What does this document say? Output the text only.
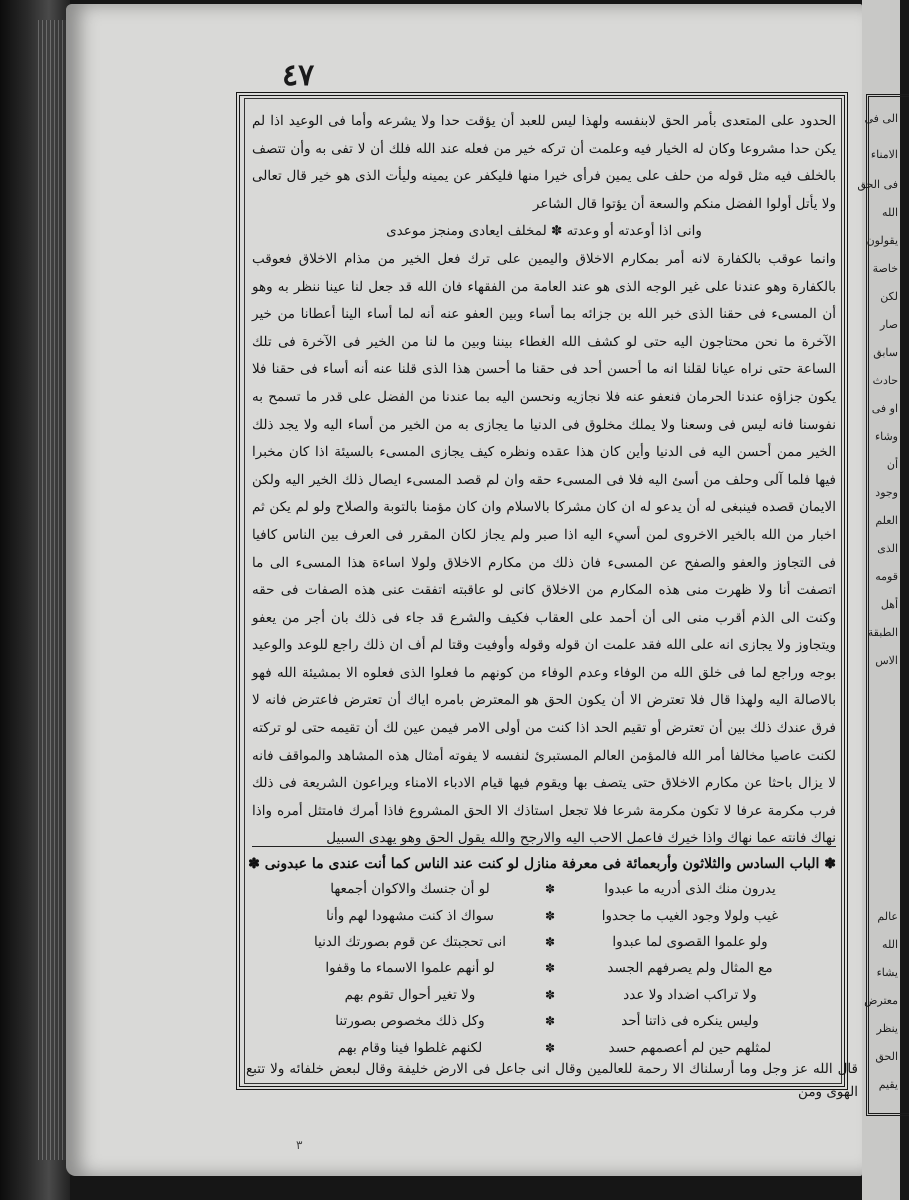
الى فى
الامناء
فى الحق
الله
يقولون
خاصة
لكن
صار
سابق
حادث
او فى
وشاء
أن
وجود
العلم
الذى
قومه
أهل
الطبقة
الاس
عالم
الله
يشاء
معترض
ينظر
الحق
يقيم
٤٧

الحدود على المتعدى بأمر الحق لابنفسه ولهذا ليس للعبد أن يؤقت حدا ولا يشرعه وأما فى الوعيد اذا لم يكن حدا مشروعا وكان له الخيار فيه وعلمت أن تركه خير من فعله عند الله فلك أن لا تفى به وأن تتصف بالخلف فيه مثل قوله من حلف على يمين فرأى خيرا منها فليكفر عن يمينه وليأت الذى هو خير قال تعالى ولا يأتل أولوا الفضل منكم والسعة أن يؤتوا قال الشاعر

وانى اذا أوعدته أو وعدته ✽ لمخلف ايعادى ومنجز موعدى

وانما عوقب بالكفارة لانه أمر بمكارم الاخلاق واليمين على ترك فعل الخير من مذام الاخلاق فعوقب بالكفارة وهو عندنا على غير الوجه الذى هو عند العامة من الفقهاء فان الله قد جعل لنا عينا ننظر به وهو أن المسىء فى حقنا الذى خبر الله بن جزائه بما أساء وبين العفو عنه أنه لما أساء الينا أعطانا من خير الآخرة ما نحن محتاجون اليه حتى لو كشف الله الغطاء بيننا وبين ما لنا من الخير فى الآخرة فى تلك الساعة حتى نراه عيانا لقلنا انه ما أحسن أحد فى حقنا ما أحسن هذا الذى قلنا عنه أنه أساء فى حقنا فلا يكون جزاؤه عندنا الحرمان فنعفو عنه فلا نجازيه ونحسن اليه بما عندنا من الفضل على قدر ما تسمح به نفوسنا فانه ليس فى وسعنا ولا يملك مخلوق فى الدنيا ما يجازى به من الخير من أساء اليه ولا يجد ذلك الخير ممن أحسن اليه فى الدنيا وأين كان هذا عقده ونظره كيف يجازى المسىء بالسيئة اذا كان مخبرا فيها فلما آلى وحلف من أسئ اليه فلا فى المسىء حقه وان لم قصد المسىء ايصال ذلك الخير اليه ولكن الايمان قصده فينبغى له أن يدعو له ان كان مشركا بالاسلام وان كان مؤمنا بالتوبة والصلاح ولو لم يكن ثم اخبار من الله بالخير الاخروى لمن أسيء اليه اذا صبر ولم يجاز لكان المقرر فى العرف بين الناس كافيا فى التجاوز والعفو والصفح عن المسىء فان ذلك من مكارم الاخلاق ولولا اساءة هذا المسىء الى ما اتصفت أنا ولا ظهرت منى هذه المكارم من الاخلاق كانى لو عاقبته اتفقت عنى هذه الصفات فى حقه وكنت الى الذم أقرب منى الى أن أحمد على العقاب فكيف والشرع قد جاء فى ذلك بان أجر من يعفو ويتجاوز ولا يجازى انه على الله فقد علمت ان قوله وقوله وأوفيت وقتا لم أف ان ذلك راجع للوعد والوعيد بوجه وراجع لما فى خلق الله من الوفاء وعدم الوفاء من كونهم ما فعلوا الذى فعلوه الا بمشيئة الله فهو بالاصالة اليه ولهذا قال فلا تعترض الا أن يكون الحق هو المعترض بامره اياك أن تعترض فاعترض فانه لا فرق عندك ذلك بين أن تعترض أو تقيم الحد اذا كنت من أولى الامر فيمن عين لك أن تقيمه حتى لو تركته لكنت عاصيا مخالفا أمر الله فالمؤمن العالم المستبرئ لنفسه لا يفوته أمثال هذه المشاهد والمواقف فانه لا يزال باحثا عن مكارم الاخلاق حتى يتصف بها ويقوم فيها قيام الادباء الامناء ويراعون الشريعة فى ذلك فرب مكرمة عرفا لا تكون مكرمة شرعا فلا تجعل استاذك الا الحق المشروع فاذا أمرك فامتثل أمره واذا نهاك فانته عما نهاك واذا خيرك فاعمل الاحب اليه والارجح والله يقول الحق وهو يهدى السبيل

✽ الباب السادس والثلاثون وأربعمائة فى معرفة منازل لو كنت عند الناس كما أنت عندى ما عبدونى ✽
لو أن جنسك والاكوان أجمعها	✽	يدرون منك الذى أدريه ما عبدوا
سواك اذ كنت مشهودا لهم وأنا	✽	غيب ولولا وجود الغيب ما جحدوا
انى تحجبتك عن قوم بصورتك الدنيا	✽	ولو علموا القصوى لما عبدوا
لو أنهم علموا الاسماء ما وقفوا	✽	مع المثال ولم يصرفهم الجسد
ولا تغير أحوال تقوم بهم	✽	ولا تراكب اضداد ولا عدد
وكل ذلك مخصوص بصورتنا	✽	وليس ينكره فى ذاتنا أحد
لكنهم غلطوا فينا وقام بهم	✽	لمثلهم حين لم أعصمهم حسد
قال الله عز وجل وما أرسلناك الا رحمة للعالمين وقال انى جاعل فى الارض خليفة وقال لبعض خلفائه ولا تتبع الهوى ومن
٣
